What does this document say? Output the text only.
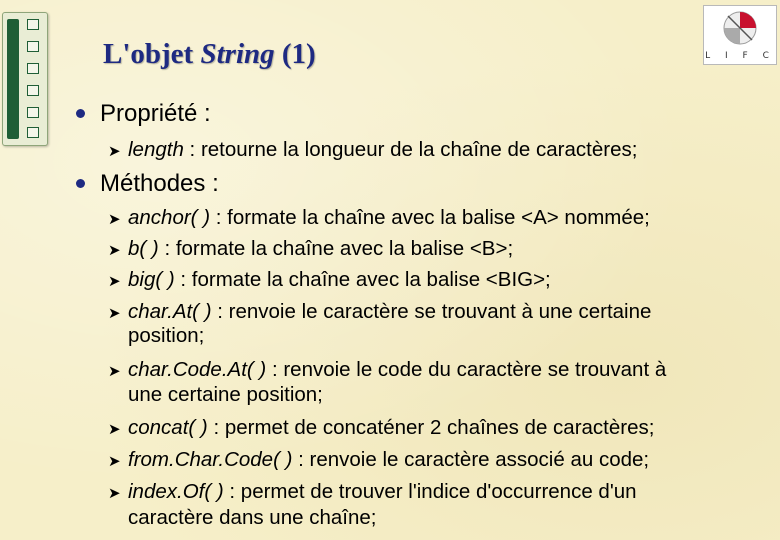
L I F C
L'objet String (1)
Propriété :
➤ length : retourne la longueur de la chaîne de caractères;
Méthodes :
➤ anchor( ) : formate la chaîne avec la balise <A> nommée;
➤ b( ) : formate la chaîne avec la balise <B>;
➤ big( ) : formate la chaîne avec la balise <BIG>;
➤ char.At( ) : renvoie le caractère se trouvant à une certaine
position;
➤ char.Code.At( ) : renvoie le code du caractère se trouvant à
une certaine position;
➤ concat( ) : permet de concaténer 2 chaînes de caractères;
➤ from.Char.Code( ) : renvoie le caractère associé au code;
➤ index.Of( ) : permet de trouver l'indice d'occurrence d'un
caractère dans une chaîne;
